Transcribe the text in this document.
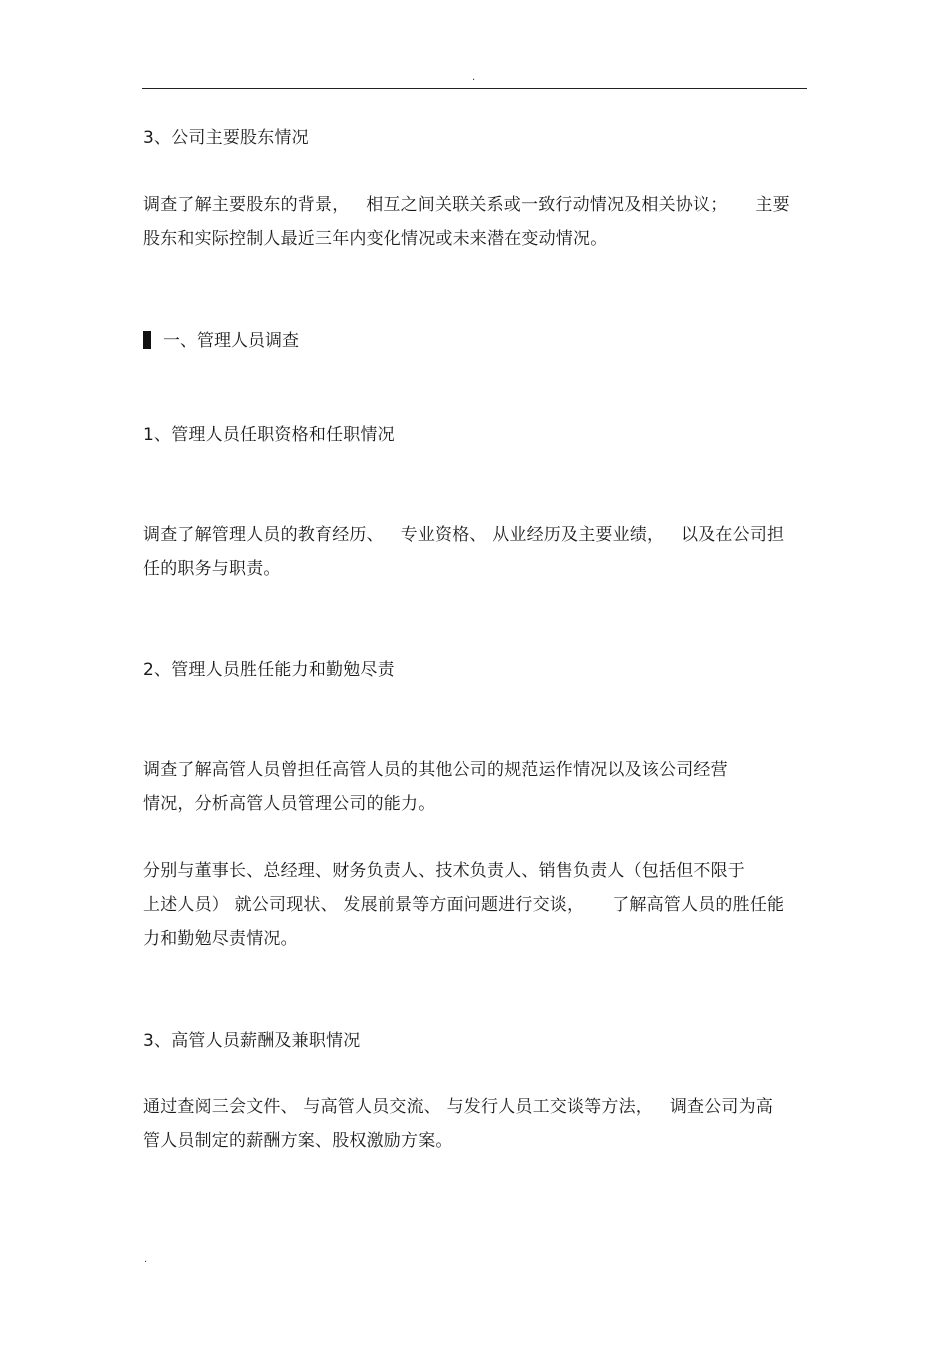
.
3、公司主要股东情况
调查了解主要股东的背景，   相互之间关联关系或一致行动情况及相关协议；     主要
股东和实际控制人最近三年内变化情况或未来潜在变动情况。
一、管理人员调查
1、管理人员任职资格和任职情况
调查了解管理人员的教育经历、   专业资格、 从业经历及主要业绩，   以及在公司担
任的职务与职责。
2、管理人员胜任能力和勤勉尽责
调查了解高管人员曾担任高管人员的其他公司的规范运作情况以及该公司经营
情况，分析高管人员管理公司的能力。
分别与董事长、总经理、财务负责人、技术负责人、销售负责人（包括但不限于
上述人员） 就公司现状、 发展前景等方面问题进行交谈，     了解高管人员的胜任能
力和勤勉尽责情况。
3、高管人员薪酬及兼职情况
通过查阅三会文件、 与高管人员交流、 与发行人员工交谈等方法，   调查公司为高
管人员制定的薪酬方案、股权激励方案。
.
